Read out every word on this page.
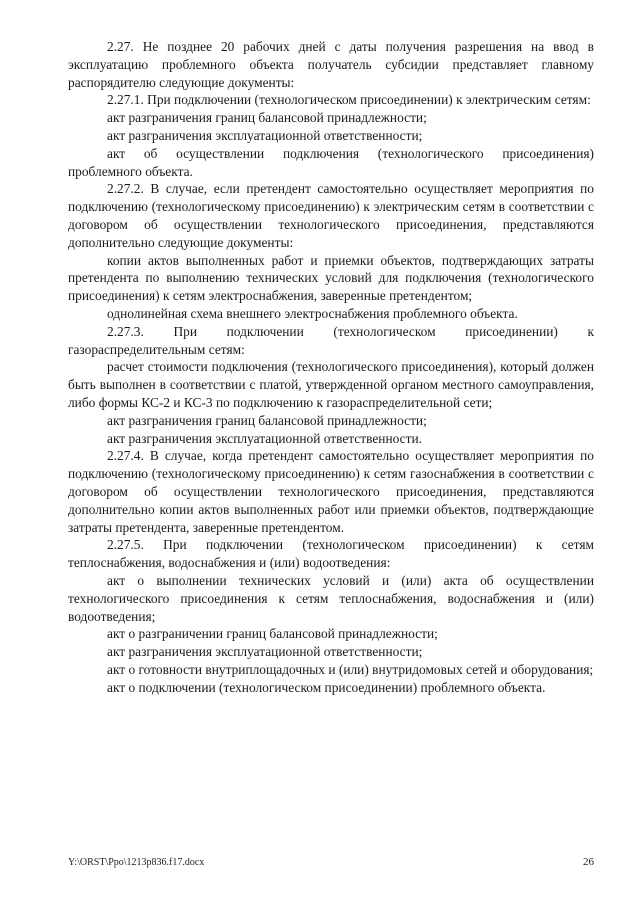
2.27. Не позднее 20 рабочих дней с даты получения разрешения на ввод в эксплуатацию проблемного объекта получатель субсидии представляет главному распорядителю следующие документы:

2.27.1. При подключении (технологическом присоединении) к электрическим сетям:

акт разграничения границ балансовой принадлежности;

акт разграничения эксплуатационной ответственности;

акт об осуществлении подключения (технологического присоединения) проблемного объекта.

2.27.2. В случае, если претендент самостоятельно осуществляет мероприятия по подключению (технологическому присоединению) к электрическим сетям в соответствии с договором об осуществлении технологического присоединения, представляются дополнительно следующие документы:

копии актов выполненных работ и приемки объектов, подтверждающих затраты претендента по выполнению технических условий для подключения (технологического присоединения) к сетям электроснабжения, заверенные претендентом;

однолинейная схема внешнего электроснабжения проблемного объекта.

2.27.3. При подключении (технологическом присоединении) к газораспределительным сетям:

расчет стоимости подключения (технологического присоединения), который должен быть выполнен в соответствии с платой, утвержденной органом местного самоуправления, либо формы КС-2 и КС-3 по подключению к газораспределительной сети;

акт разграничения границ балансовой принадлежности;

акт разграничения эксплуатационной ответственности.

2.27.4. В случае, когда претендент самостоятельно осуществляет мероприятия по подключению (технологическому присоединению) к сетям газоснабжения в соответствии с договором об осуществлении технологического присоединения, представляются дополнительно копии актов выполненных работ или приемки объектов, подтверждающие затраты претендента, заверенные претендентом.

2.27.5. При подключении (технологическом присоединении) к сетям теплоснабжения, водоснабжения и (или) водоотведения:

акт о выполнении технических условий и (или) акта об осуществлении технологического присоединения к сетям теплоснабжения, водоснабжения и (или) водоотведения;

акт о разграничении границ балансовой принадлежности;

акт разграничения эксплуатационной ответственности;

акт о готовности внутриплощадочных и (или) внутридомовых сетей и оборудования;

акт о подключении (технологическом присоединении) проблемного объекта.

Y:\ORST\Ppo\1213p836.f17.docx	26
